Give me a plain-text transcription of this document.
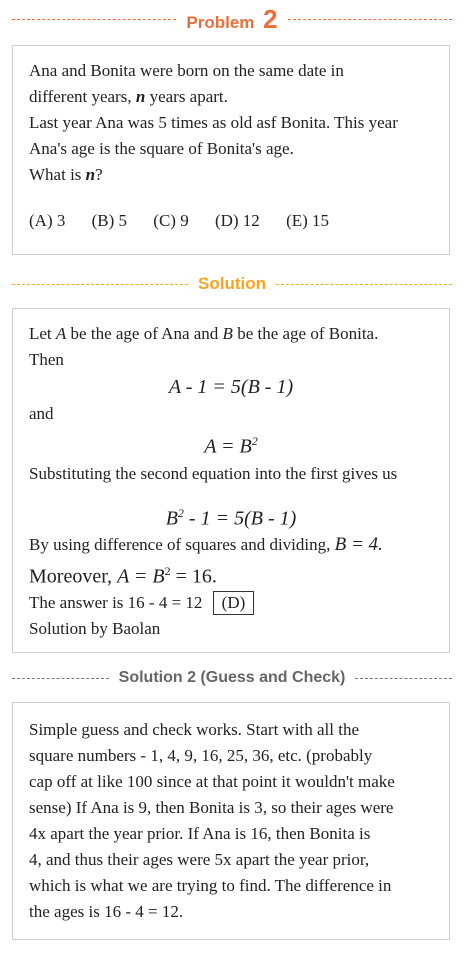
Problem 2

Ana and Bonita were born on the same date in

different years, n years apart.

Last year Ana was 5 times as old asf Bonita. This year

Ana's age is the square of Bonita's age.

What is n?

(A) 3 (B) 5 (C) 9 (D) 12 (E) 15

Solution

Let A be the age of Ana and B be the age of Bonita.

Then

A - 1 = 5(B - 1)

and

$A = B^2$

Substituting the second equation into the first gives us

$B^2 - 1 = 5(B - 1)$

By using difference of squares and dividing, B = 4.

Moreover, $A = B^2 = 16$.

The answer is 16 - 4 = 12 (D)

Solution by Baolan

Solution 2 (Guess and Check)

Simple guess and check works. Start with all the

square numbers - 1, 4, 9, 16, 25, 36, etc. (probably

cap off at like 100 since at that point it wouldn't make

sense) If Ana is 9, then Bonita is 3, so their ages were

4x apart the year prior. If Ana is 16, then Bonita is

4, and thus their ages were 5x apart the year prior,

which is what we are trying to find. The difference in

the ages is 16 - 4 = 12.
